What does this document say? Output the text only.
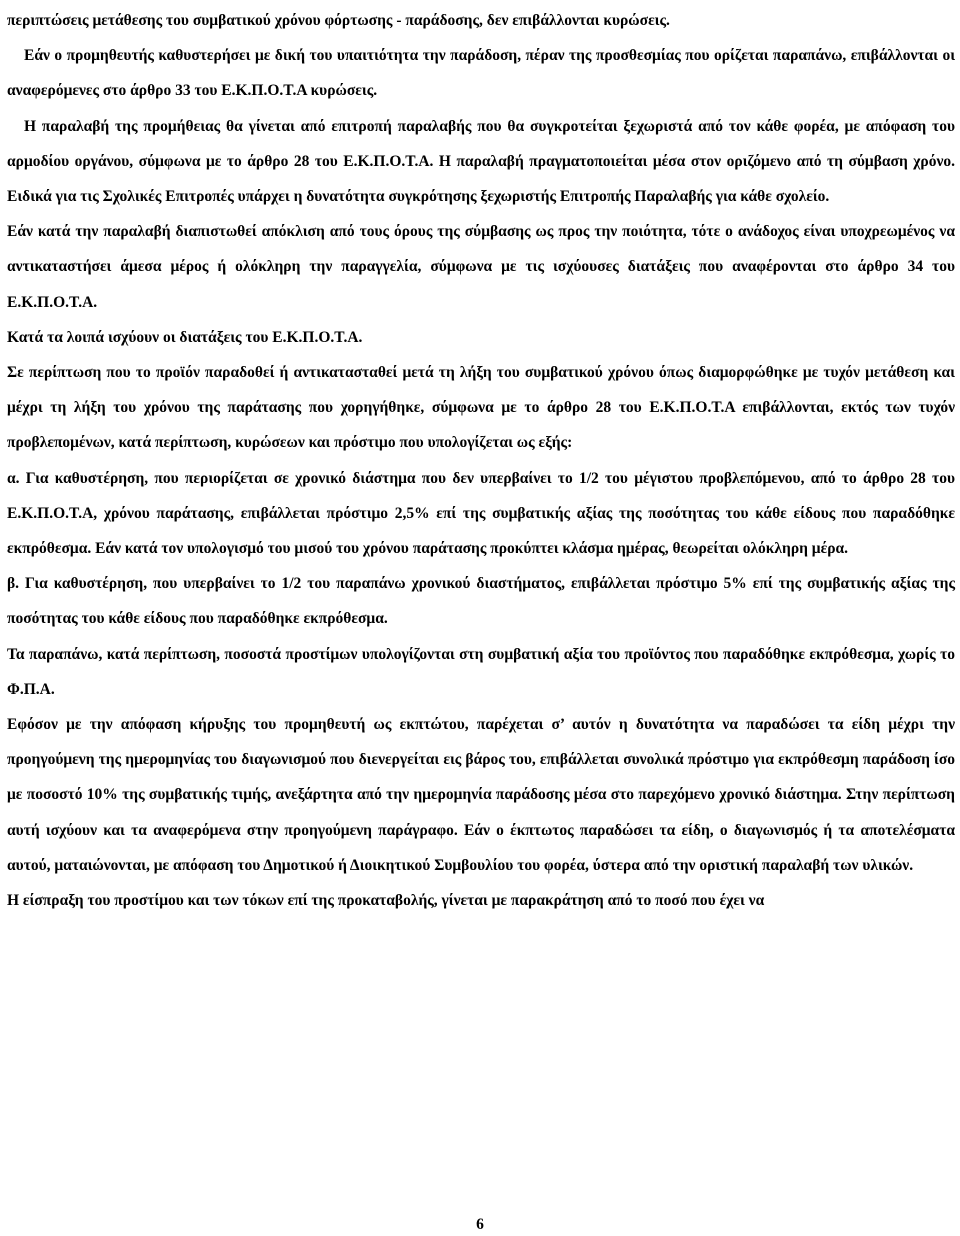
περιπτώσεις μετάθεσης του συμβατικού χρόνου φόρτωσης - παράδοσης, δεν επιβάλλονται κυρώσεις.

Εάν ο προμηθευτής καθυστερήσει με δική του υπαιτιότητα την παράδοση, πέραν της προσθεσμίας που ορίζεται παραπάνω, επιβάλλονται οι αναφερόμενες στο άρθρο 33 του Ε.Κ.Π.Ο.Τ.Α κυρώσεις.

Η παραλαβή της προμήθειας θα γίνεται από επιτροπή παραλαβής που θα συγκροτείται ξεχωριστά από τον κάθε φορέα, με απόφαση του αρμοδίου οργάνου, σύμφωνα με το άρθρο 28 του Ε.Κ.Π.Ο.Τ.Α. Η παραλαβή πραγματοποιείται μέσα στον οριζόμενο από τη σύμβαση χρόνο. Ειδικά για τις Σχολικές Επιτροπές υπάρχει η δυνατότητα συγκρότησης ξεχωριστής Επιτροπής Παραλαβής για κάθε σχολείο.

Εάν κατά την παραλαβή διαπιστωθεί απόκλιση από τους όρους της σύμβασης ως προς την ποιότητα, τότε ο ανάδοχος είναι υποχρεωμένος να αντικαταστήσει άμεσα μέρος ή ολόκληρη την παραγγελία, σύμφωνα με τις ισχύουσες διατάξεις που αναφέρονται στο άρθρο 34 του Ε.Κ.Π.Ο.Τ.Α.

Κατά τα λοιπά ισχύουν οι διατάξεις του Ε.Κ.Π.Ο.Τ.Α.

Σε περίπτωση που το προϊόν παραδοθεί ή αντικατασταθεί μετά τη λήξη του συμβατικού χρόνου όπως διαμορφώθηκε με τυχόν μετάθεση και μέχρι τη λήξη του χρόνου της παράτασης που χορηγήθηκε, σύμφωνα με το άρθρο 28 του Ε.Κ.Π.Ο.Τ.Α επιβάλλονται, εκτός των τυχόν προβλεπομένων, κατά περίπτωση, κυρώσεων και πρόστιμο που υπολογίζεται ως εξής:

α. Για καθυστέρηση, που περιορίζεται σε χρονικό διάστημα που δεν υπερβαίνει το 1/2 του μέγιστου προβλεπόμενου, από το άρθρο 28 του Ε.Κ.Π.Ο.Τ.Α, χρόνου παράτασης, επιβάλλεται πρόστιμο 2,5% επί της συμβατικής αξίας της ποσότητας του κάθε είδους που παραδόθηκε εκπρόθεσμα. Εάν κατά τον υπολογισμό του μισού του χρόνου παράτασης προκύπτει κλάσμα ημέρας, θεωρείται ολόκληρη μέρα.

β. Για καθυστέρηση, που υπερβαίνει το 1/2 του παραπάνω χρονικού διαστήματος, επιβάλλεται πρόστιμο 5% επί της συμβατικής αξίας της ποσότητας του κάθε είδους που παραδόθηκε εκπρόθεσμα.

Τα παραπάνω, κατά περίπτωση, ποσοστά προστίμων υπολογίζονται στη συμβατική αξία του προϊόντος που παραδόθηκε εκπρόθεσμα, χωρίς το Φ.Π.Α.

Εφόσον με την απόφαση κήρυξης του προμηθευτή ως εκπτώτου, παρέχεται σ’ αυτόν η δυνατότητα να παραδώσει τα είδη μέχρι την προηγούμενη της ημερομηνίας του διαγωνισμού που διενεργείται εις βάρος του, επιβάλλεται συνολικά πρόστιμο για εκπρόθεσμη παράδοση ίσο με ποσοστό 10% της συμβατικής τιμής, ανεξάρτητα από την ημερομηνία παράδοσης μέσα στο παρεχόμενο χρονικό διάστημα. Στην περίπτωση αυτή ισχύουν και τα αναφερόμενα στην προηγούμενη παράγραφο. Εάν ο έκπτωτος παραδώσει τα είδη, ο διαγωνισμός ή τα αποτελέσματα αυτού, ματαιώνονται, με απόφαση του Δημοτικού ή Διοικητικού Συμβουλίου του φορέα, ύστερα από την οριστική παραλαβή των υλικών.

Η είσπραξη του προστίμου και των τόκων επί της προκαταβολής, γίνεται με παρακράτηση από το ποσό που έχει να

6
